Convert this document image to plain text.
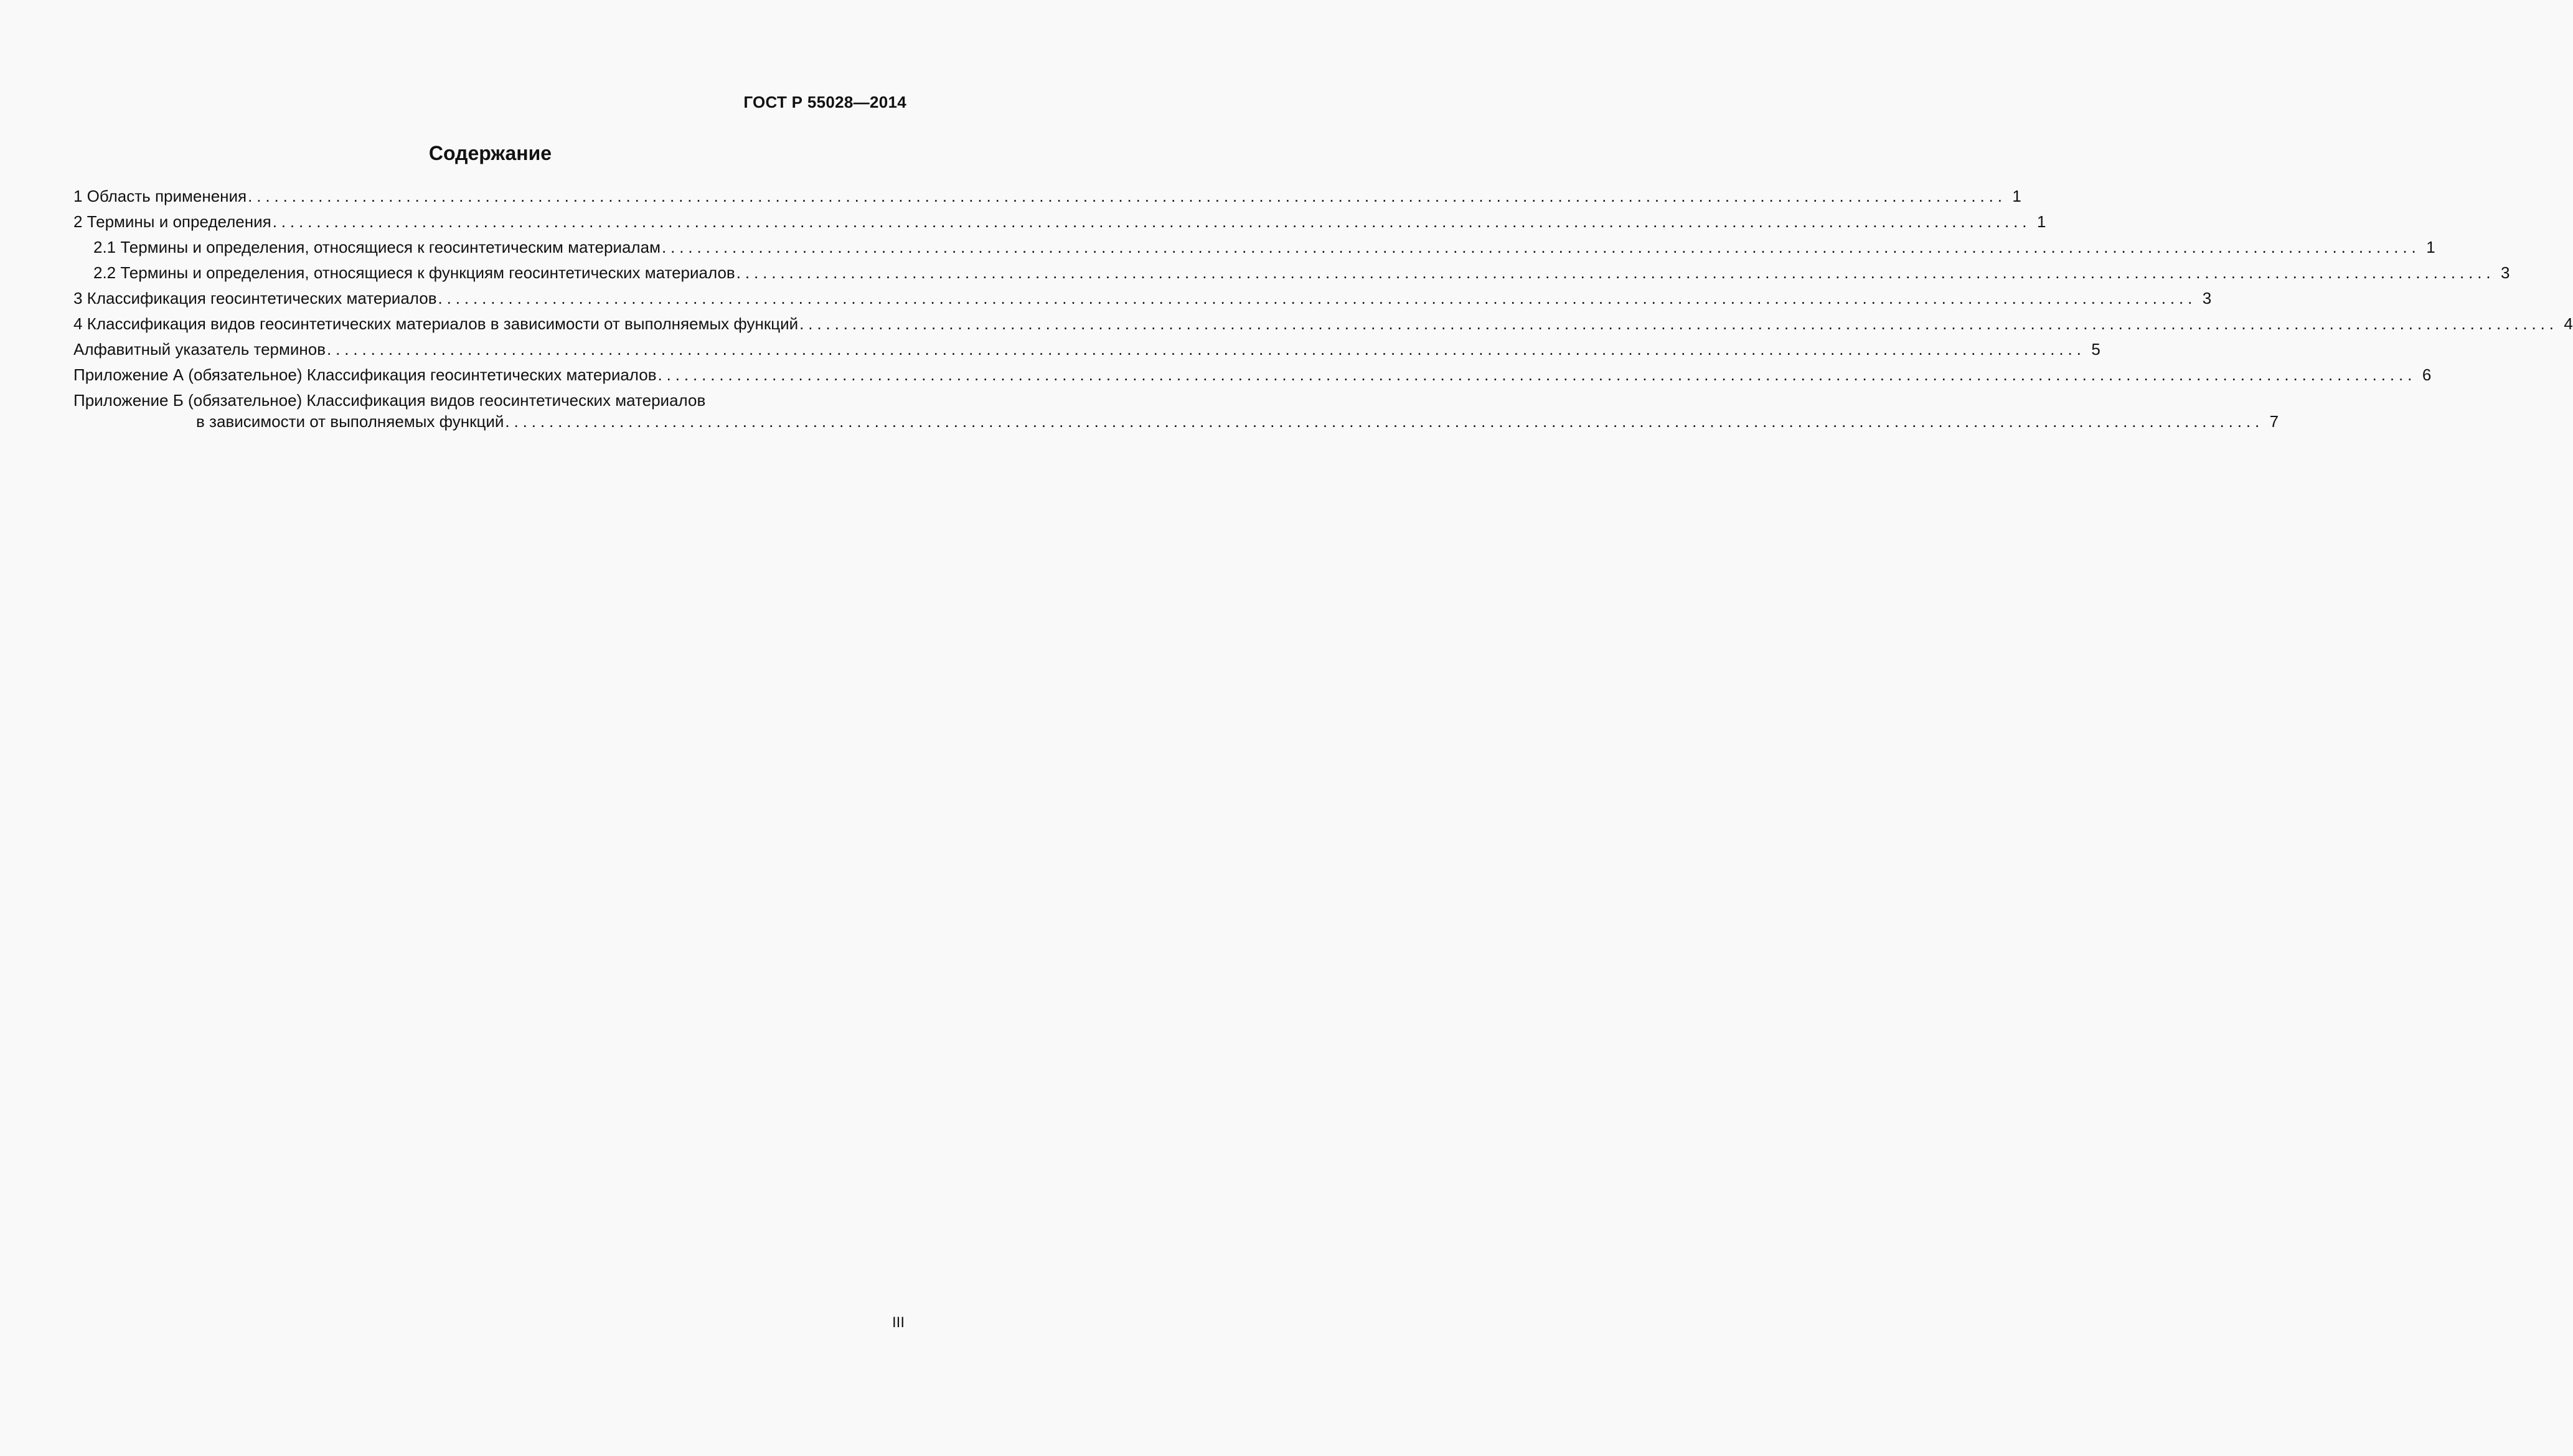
ГОСТ Р 55028—2014
Содержание
1 Область применения ........................................................................................................................................................................................................ 1
2 Термины и определения ........................................................................................................................................................................................................ 1
2.1 Термины и определения, относящиеся к геосинтетическим материалам ........................................................................................................................................................................................................ 1
2.2 Термины и определения, относящиеся к функциям геосинтетических материалов ........................................................................................................................................................................................................ 3
3 Классификация геосинтетических материалов ........................................................................................................................................................................................................ 3
4 Классификация видов геосинтетических материалов в зависимости от выполняемых функций ........................................................................................................................................................................................................ 4
Алфавитный указатель терминов ........................................................................................................................................................................................................ 5
Приложение А (обязательное) Классификация геосинтетических материалов ........................................................................................................................................................................................................ 6
Приложение Б (обязательное) Классификация видов геосинтетических материалов
в зависимости от выполняемых функций ........................................................................................................................................................................................................ 7
III
